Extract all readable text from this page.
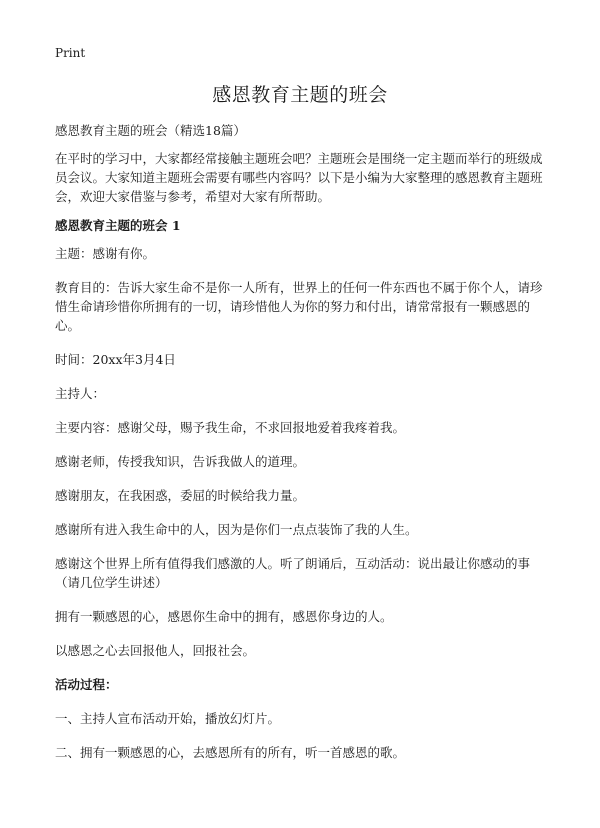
Print
感恩教育主题的班会

感恩教育主题的班会（精选18篇）

在平时的学习中，大家都经常接触主题班会吧？主题班会是围绕一定主题而举行的班级成员会议。大家知道主题班会需要有哪些内容吗？以下是小编为大家整理的感恩教育主题班会，欢迎大家借鉴与参考，希望对大家有所帮助。

感恩教育主题的班会 1

主题：感谢有你。

教育目的：告诉大家生命不是你一人所有，世界上的任何一件东西也不属于你个人，请珍惜生命请珍惜你所拥有的一切，请珍惜他人为你的努力和付出，请常常报有一颗感恩的心。

时间：20xx年3月4日

主持人：

主要内容：感谢父母，赐予我生命，不求回报地爱着我疼着我。

感谢老师，传授我知识，告诉我做人的道理。

感谢朋友，在我困惑，委屈的时候给我力量。

感谢所有进入我生命中的人，因为是你们一点点装饰了我的人生。

感谢这个世界上所有值得我们感激的人。听了朗诵后，互动活动：说出最让你感动的事（请几位学生讲述）

拥有一颗感恩的心，感恩你生命中的拥有，感恩你身边的人。

以感恩之心去回报他人，回报社会。

活动过程：

一、主持人宣布活动开始，播放幻灯片。

二、拥有一颗感恩的心，去感恩所有的所有，听一首感恩的歌。
